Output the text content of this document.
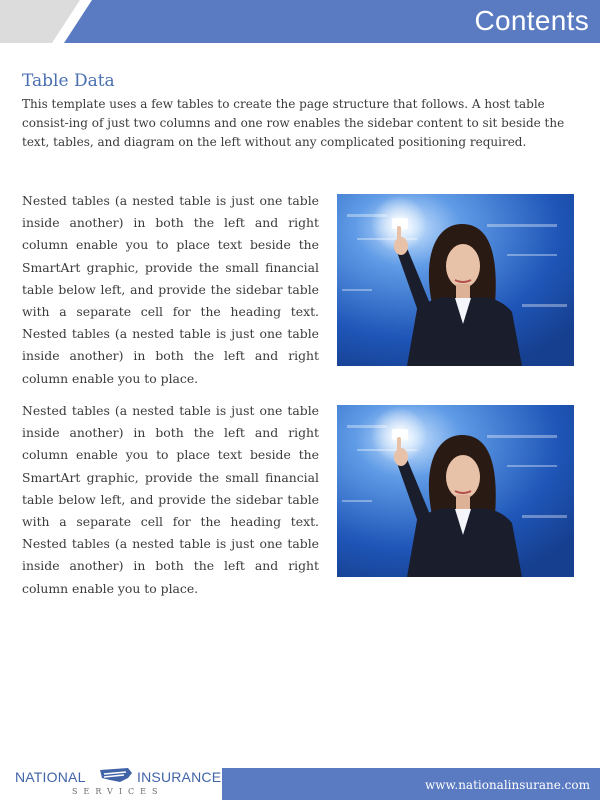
Contents
Table Data

This template uses a few tables to create the page structure that follows. A host table consist-ing of just two columns and one row enables the sidebar content to sit beside the text, tables, and diagram on the left without any complicated positioning required.

Nested tables (a nested table is just one table inside another) in both the left and right column enable you to place text beside the SmartArt graphic, provide the small financial table below left, and provide the sidebar table with a separate cell for the heading text. Nested tables (a nested table is just one table inside another) in both the left and right column enable you to place.

Nested tables (a nested table is just one table inside another) in both the left and right column enable you to place text beside the SmartArt graphic, provide the small financial table below left, and provide the sidebar table with a separate cell for the heading text. Nested tables (a nested table is just one table inside another) in both the left and right column enable you to place.

www.nationalinsurane.com
NATIONAL	INSURANCE
SERVICES
